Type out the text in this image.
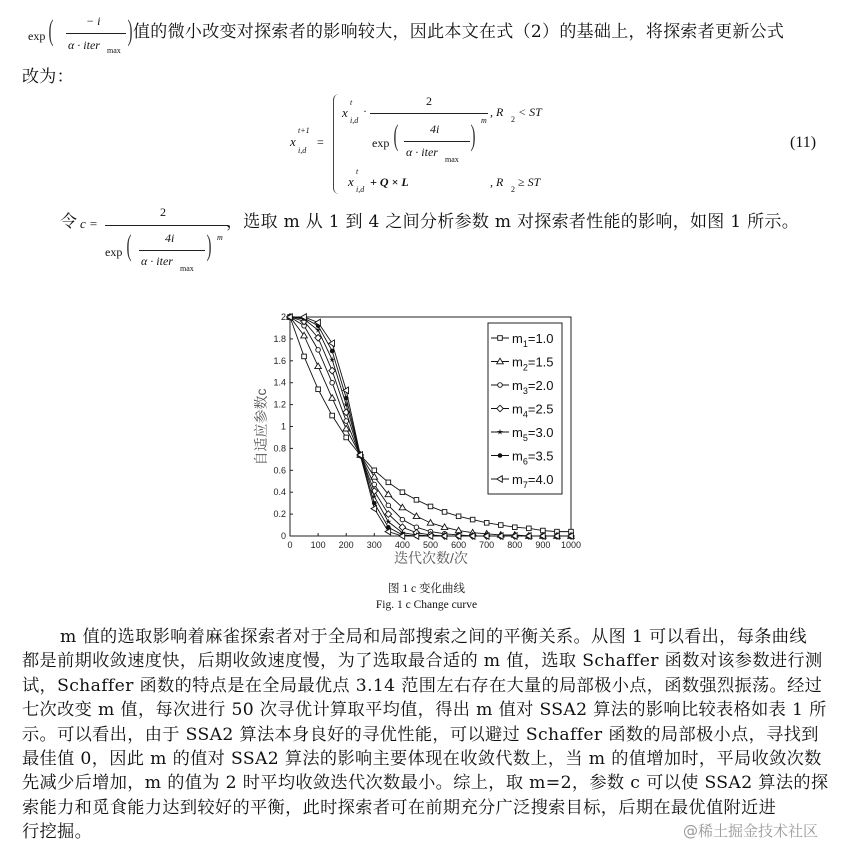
exp (	− i
α · iter max
) 值的微小改变对探索者的影响较大，因此本文在式（2）的基础上，将探索者更新公式
改为：
x
t+1
i,d
=
x
t
i,d
·
2
exp (	4i
α · iter
max
) m
, R
2
< ST
x
t
i,d
+ Q × L	, R
2
≥ ST
(11)
令 c =
2
exp (	4i
α · iter
max
) m
，选取 m 从 1 到 4 之间分析参数 m 对探索者性能的影响，如图 1 所示。
0 100 200 300 400 500 600 700 800 900 1000
0
0.2
0.4
0.6
0.8
1
1.2
1.4
1.6
1.8
2
$m_1=1.0$
$m_2=1.5$
$m_3=2.0$
$m_4=2.5$
$m_5=3.0$
$m_6=3.5$
$m_7=4.0$
自适应参数c
迭代次数/次
图 1 c 变化曲线
Fig. 1 c Change curve
m 值的选取影响着麻雀探索者对于全局和局部搜索之间的平衡关系。从图 1 可以看出，每条曲线
都是前期收敛速度快，后期收敛速度慢，为了选取最合适的 m 值，选取 Schaffer 函数对该参数进行测
试，Schaffer 函数的特点是在全局最优点 3.14 范围左右存在大量的局部极小点，函数强烈振荡。经过
七次改变 m 值，每次进行 50 次寻优计算取平均值，得出 m 值对 SSA2 算法的影响比较表格如表 1 所
示。可以看出，由于 SSA2 算法本身良好的寻优性能，可以避过 Schaffer 函数的局部极小点，寻找到
最佳值 0，因此 m 的值对 SSA2 算法的影响主要体现在收敛代数上，当 m 的值增加时，平局收敛次数
先减少后增加，m 的值为 2 时平均收敛迭代次数最小。综上，取 m=2，参数 c 可以使 SSA2 算法的探
索能力和觅食能力达到较好的平衡，此时探索者可在前期充分广泛搜索目标，后期在最优值附近进
行挖掘。	@稀土掘金技术社区
